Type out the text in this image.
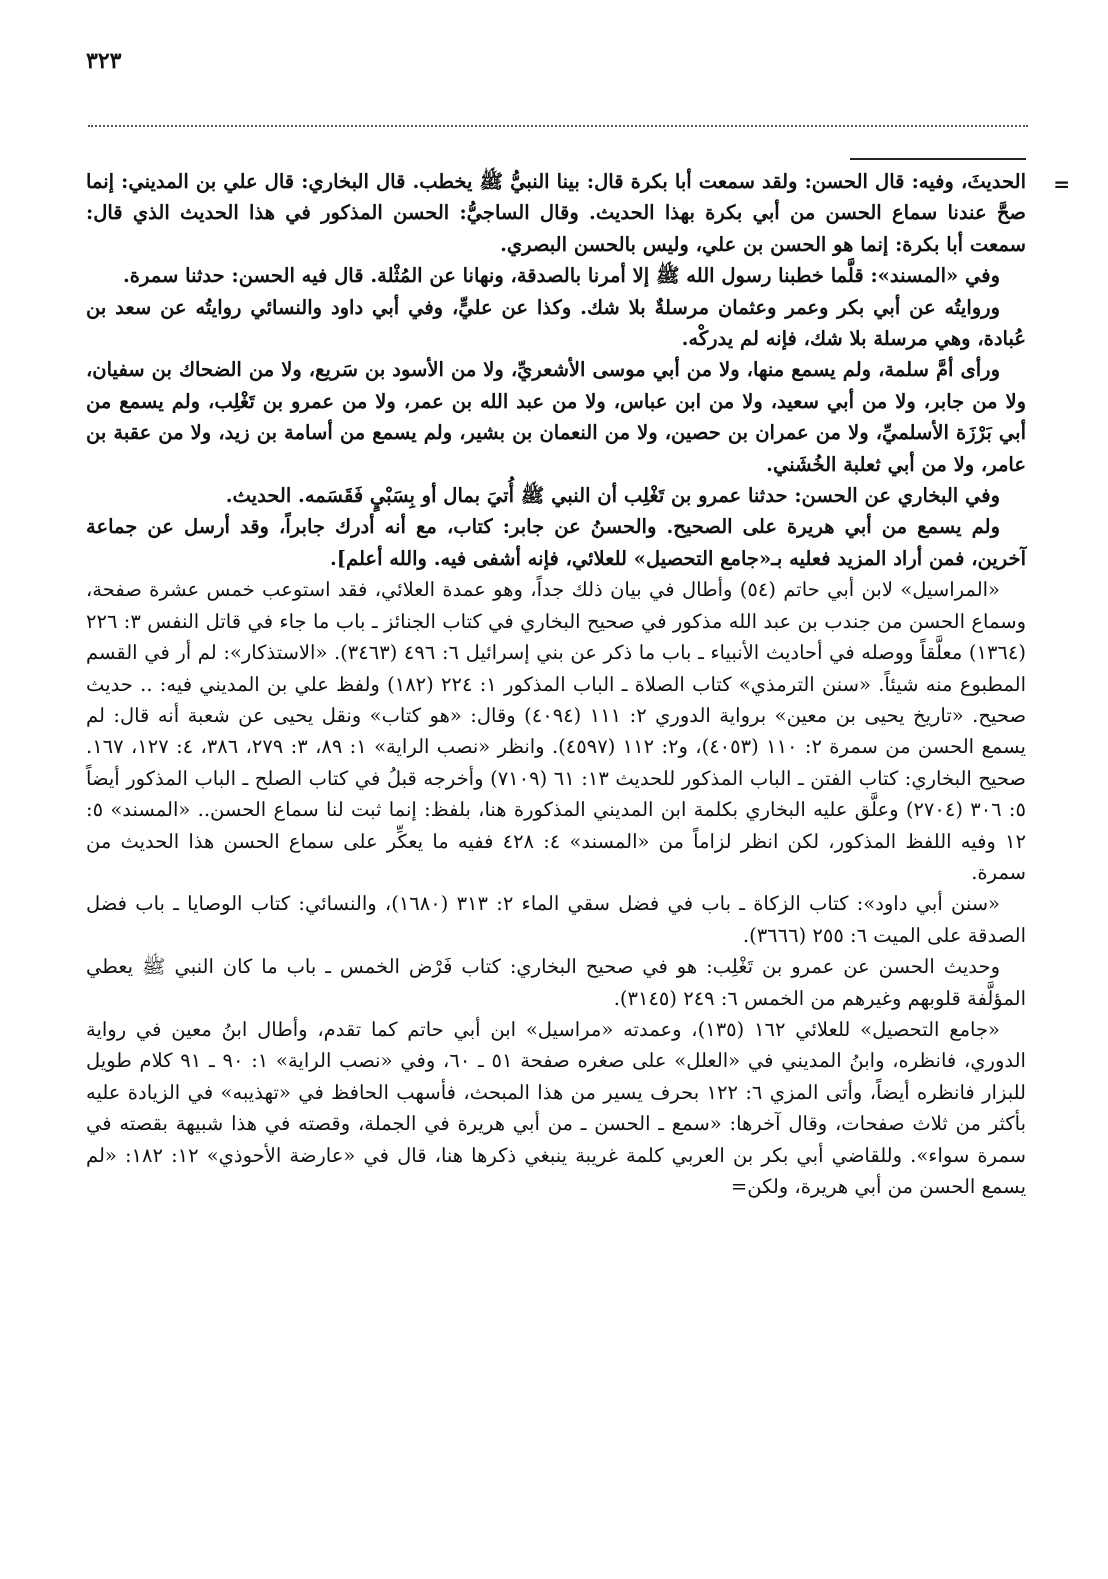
٣٢٣
=

الحديثَ، وفيه: قال الحسن: ولقد سمعت أبا بكرة قال: بينا النبيُّ ﷺ يخطب. قال البخاري: قال علي بن المديني: إنما صحَّ عندنا سماع الحسن من أبي بكرة بهذا الحديث. وقال الساجيُّ: الحسن المذكور في هذا الحديث الذي قال: سمعت أبا بكرة: إنما هو الحسن بن علي، وليس بالحسن البصري.

وفي «المسند»: قلَّما خطبنا رسول الله ﷺ إلا أمرنا بالصدقة، ونهانا عن المُثْلة. قال فيه الحسن: حدثنا سمرة.

وروايتُه عن أبي بكر وعمر وعثمان مرسلةٌ بلا شك. وكذا عن عليٍّ، وفي أبي داود والنسائي روايتُه عن سعد بن عُبادة، وهي مرسلة بلا شك، فإنه لم يدركْه.

ورأى أمَّ سلمة، ولم يسمع منها، ولا من أبي موسى الأشعريِّ، ولا من الأسود بن سَريع، ولا من الضحاك بن سفيان، ولا من جابر، ولا من أبي سعيد، ولا من ابن عباس، ولا من عبد الله بن عمر، ولا من عمرو بن تَغْلِب، ولم يسمع من أبي بَرْزَة الأسلميِّ، ولا من عمران بن حصين، ولا من النعمان بن بشير، ولم يسمع من أسامة بن زيد، ولا من عقبة بن عامر، ولا من أبي ثعلبة الخُشَني.

وفي البخاري عن الحسن: حدثنا عمرو بن تَغْلِب أن النبي ﷺ أُتيَ بمال أو بِسَبْيٍ فَقَسَمه. الحديث.

ولم يسمع من أبي هريرة على الصحيح. والحسنُ عن جابر: كتاب، مع أنه أدرك جابراً، وقد أرسل عن جماعة آخرين، فمن أراد المزيد فعليه بـ«جامع التحصيل» للعلائي، فإنه أشفى فيه. والله أعلم].

«المراسيل» لابن أبي حاتم (٥٤) وأطال في بيان ذلك جداً، وهو عمدة العلائي، فقد استوعب خمس عشرة صفحة، وسماع الحسن من جندب بن عبد الله مذكور في صحيح البخاري في كتاب الجنائز ـ باب ما جاء في قاتل النفس ٣: ٢٢٦ (١٣٦٤) معلَّقاً ووصله في أحاديث الأنبياء ـ باب ما ذكر عن بني إسرائيل ٦: ٤٩٦ (٣٤٦٣). «الاستذكار»: لم أر في القسم المطبوع منه شيئاً. «سنن الترمذي» كتاب الصلاة ـ الباب المذكور ١: ٢٢٤ (١٨٢) ولفظ علي بن المديني فيه: .. حديث صحيح. «تاريخ يحيى بن معين» برواية الدوري ٢: ١١١ (٤٠٩٤) وقال: «هو كتاب» ونقل يحيى عن شعبة أنه قال: لم يسمع الحسن من سمرة ٢: ١١٠ (٤٠٥٣)، و٢: ١١٢ (٤٥٩٧). وانظر «نصب الراية» ١: ٨٩، ٣: ٢٧٩، ٣٨٦، ٤: ١٢٧، ١٦٧. صحيح البخاري: كتاب الفتن ـ الباب المذكور للحديث ١٣: ٦١ (٧١٠٩) وأخرجه قبلُ في كتاب الصلح ـ الباب المذكور أيضاً ٥: ٣٠٦ (٢٧٠٤) وعلَّق عليه البخاري بكلمة ابن المديني المذكورة هنا، بلفظ: إنما ثبت لنا سماع الحسن.. «المسند» ٥: ١٢ وفيه اللفظ المذكور، لكن انظر لزاماً من «المسند» ٤: ٤٢٨ ففيه ما يعكِّر على سماع الحسن هذا الحديث من سمرة.

«سنن أبي داود»: كتاب الزكاة ـ باب في فضل سقي الماء ٢: ٣١٣ (١٦٨٠)، والنسائي: كتاب الوصايا ـ باب فضل الصدقة على الميت ٦: ٢٥٥ (٣٦٦٦).

وحديث الحسن عن عمرو بن تَغْلِب: هو في صحيح البخاري: كتاب فَرْض الخمس ـ باب ما كان النبي ﷺ يعطي المؤلَّفة قلوبهم وغيرهم من الخمس ٦: ٢٤٩ (٣١٤٥).

«جامع التحصيل» للعلائي ١٦٢ (١٣٥)، وعمدته «مراسيل» ابن أبي حاتم كما تقدم، وأطال ابنُ معين في رواية الدوري، فانظره، وابنُ المديني في «العلل» على صغره صفحة ٥١ ـ ٦٠، وفي «نصب الراية» ١: ٩٠ ـ ٩١ كلام طويل للبزار فانظره أيضاً، وأتى المزي ٦: ١٢٢ بحرف يسير من هذا المبحث، فأسهب الحافظ في «تهذيبه» في الزيادة عليه بأكثر من ثلاث صفحات، وقال آخرها: «سمع ـ الحسن ـ من أبي هريرة في الجملة، وقصته في هذا شبيهة بقصته في سمرة سواء». وللقاضي أبي بكر بن العربي كلمة غريبة ينبغي ذكرها هنا، قال في «عارضة الأحوذي» ١٢: ١٨٢: «لم يسمع الحسن من أبي هريرة، ولكن=
